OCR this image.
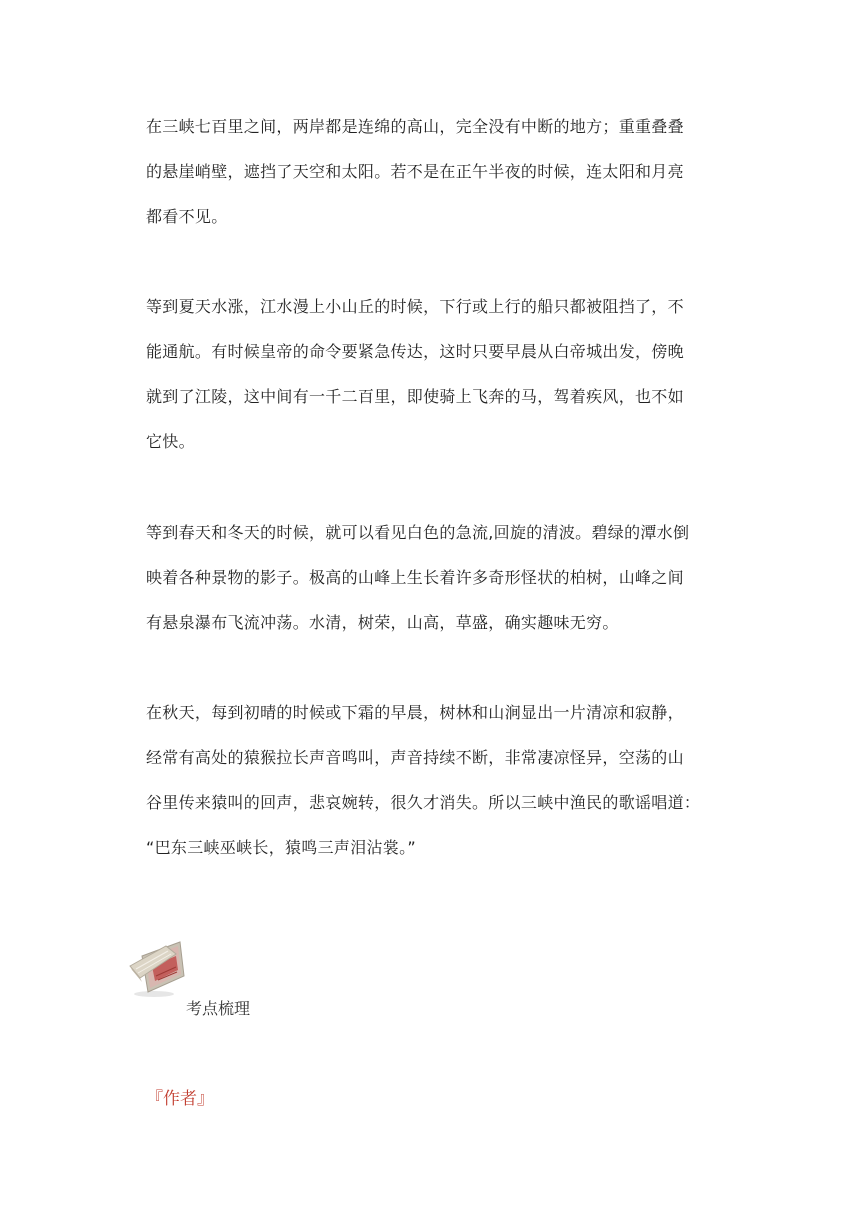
在三峡七百里之间，两岸都是连绵的高山，完全没有中断的地方；重重叠叠
的悬崖峭壁，遮挡了天空和太阳。若不是在正午半夜的时候，连太阳和月亮
都看不见。
等到夏天水涨，江水漫上小山丘的时候，下行或上行的船只都被阻挡了，不
能通航。有时候皇帝的命令要紧急传达，这时只要早晨从白帝城出发，傍晚
就到了江陵，这中间有一千二百里，即使骑上飞奔的马，驾着疾风，也不如
它快。
等到春天和冬天的时候，就可以看见白色的急流,回旋的清波。碧绿的潭水倒
映着各种景物的影子。极高的山峰上生长着许多奇形怪状的柏树，山峰之间
有悬泉瀑布飞流冲荡。水清，树荣，山高，草盛，确实趣味无穷。
在秋天，每到初晴的时候或下霜的早晨，树林和山涧显出一片清凉和寂静，
经常有高处的猿猴拉长声音鸣叫，声音持续不断，非常凄凉怪异，空荡的山
谷里传来猿叫的回声，悲哀婉转，很久才消失。所以三峡中渔民的歌谣唱道：
“巴东三峡巫峡长，猿鸣三声泪沾裳。”
考点梳理
『作者』
